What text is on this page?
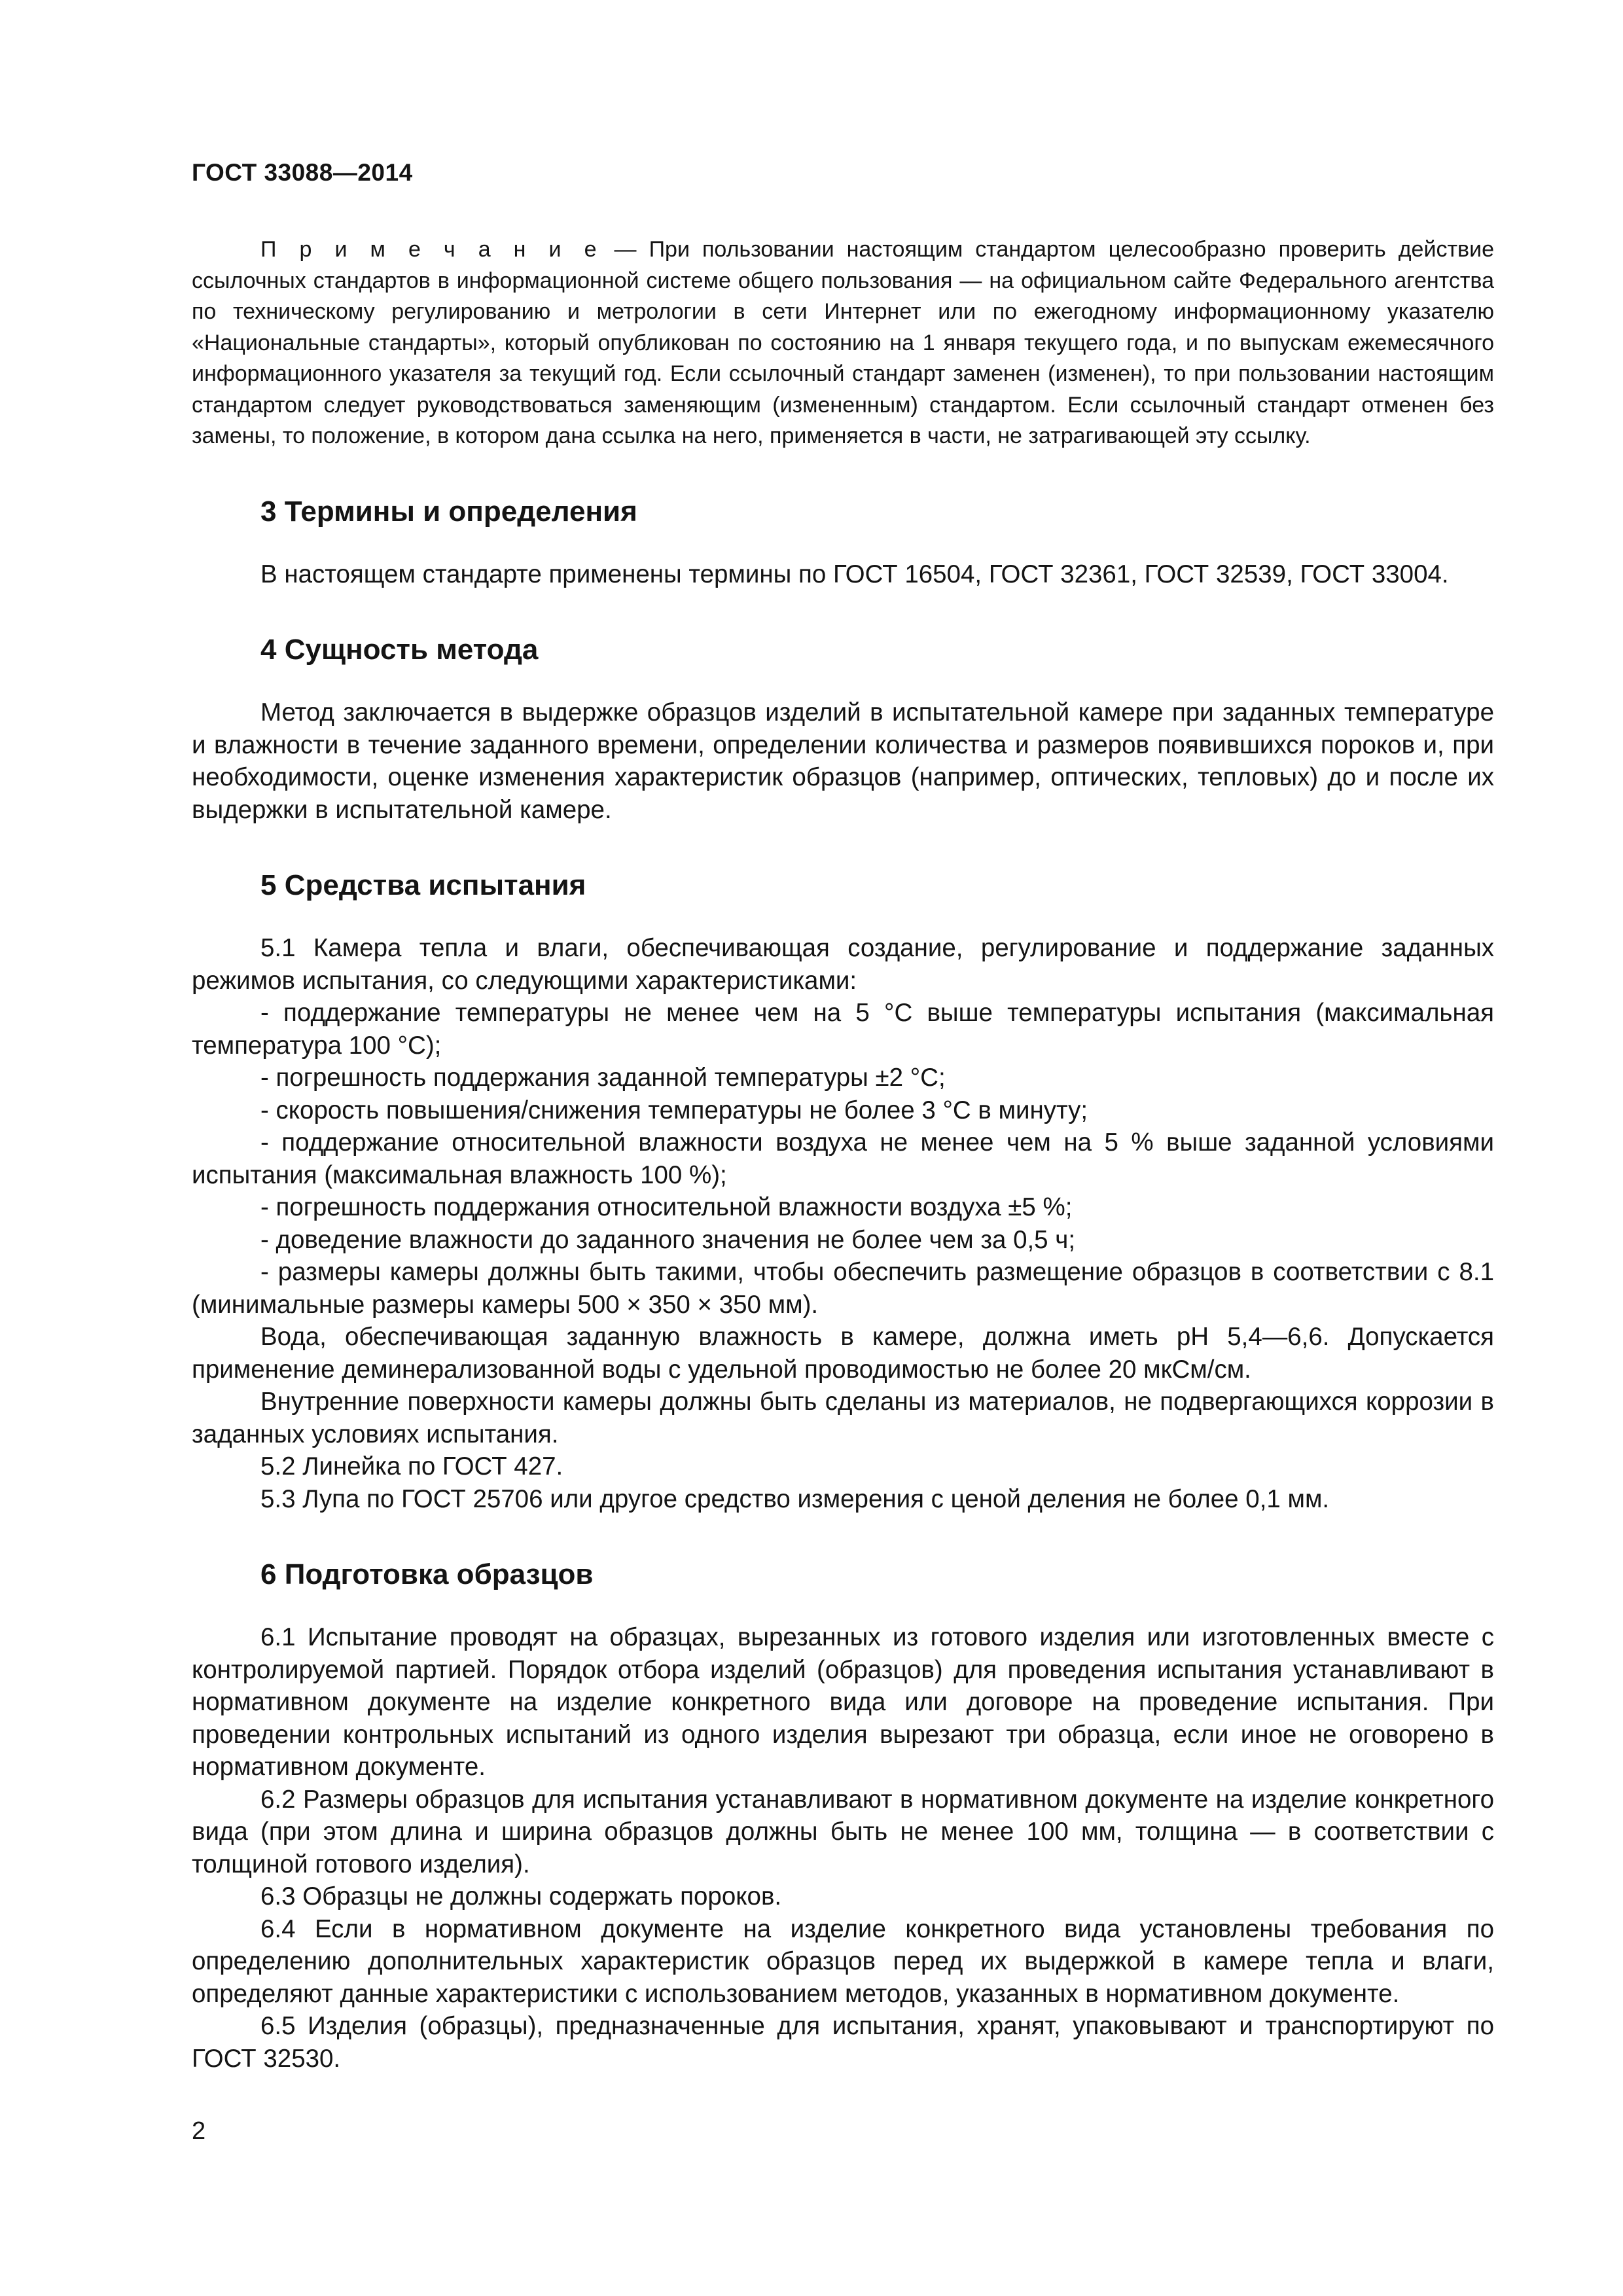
ГОСТ 33088—2014

П р и м е ч а н и е — При пользовании настоящим стандартом целесообразно проверить действие ссылочных стандартов в информационной системе общего пользования — на официальном сайте Федерального агентства по техническому регулированию и метрологии в сети Интернет или по ежегодному информационному указателю «Национальные стандарты», который опубликован по состоянию на 1 января текущего года, и по выпускам ежемесячного информационного указателя за текущий год. Если ссылочный стандарт заменен (изменен), то при пользовании настоящим стандартом следует руководствоваться заменяющим (измененным) стандартом. Если ссылочный стандарт отменен без замены, то положение, в котором дана ссылка на него, применяется в части, не затрагивающей эту ссылку.

3 Термины и определения

В настоящем стандарте применены термины по ГОСТ 16504, ГОСТ 32361, ГОСТ 32539, ГОСТ 33004.

4 Сущность метода

Метод заключается в выдержке образцов изделий в испытательной камере при заданных температуре и влажности в течение заданного времени, определении количества и размеров появившихся пороков и, при необходимости, оценке изменения характеристик образцов (например, оптических, тепловых) до и после их выдержки в испытательной камере.

5 Средства испытания

5.1 Камера тепла и влаги, обеспечивающая создание, регулирование и поддержание заданных режимов испытания, со следующими характеристиками:

- поддержание температуры не менее чем на 5 °С выше температуры испытания (максимальная температура 100 °С);

- погрешность поддержания заданной температуры ±2 °С;

- скорость повышения/снижения температуры не более 3 °С в минуту;

- поддержание относительной влажности воздуха не менее чем на 5 % выше заданной условиями испытания (максимальная влажность 100 %);

- погрешность поддержания относительной влажности воздуха ±5 %;

- доведение влажности до заданного значения не более чем за 0,5 ч;

- размеры камеры должны быть такими, чтобы обеспечить размещение образцов в соответствии с 8.1 (минимальные размеры камеры 500 × 350 × 350 мм).

Вода, обеспечивающая заданную влажность в камере, должна иметь pH 5,4—6,6. Допускается применение деминерализованной воды с удельной проводимостью не более 20 мкСм/см.

Внутренние поверхности камеры должны быть сделаны из материалов, не подвергающихся коррозии в заданных условиях испытания.

5.2 Линейка по ГОСТ 427.

5.3 Лупа по ГОСТ 25706 или другое средство измерения с ценой деления не более 0,1 мм.

6 Подготовка образцов

6.1 Испытание проводят на образцах, вырезанных из готового изделия или изготовленных вместе с контролируемой партией. Порядок отбора изделий (образцов) для проведения испытания устанавливают в нормативном документе на изделие конкретного вида или договоре на проведение испытания. При проведении контрольных испытаний из одного изделия вырезают три образца, если иное не оговорено в нормативном документе.

6.2 Размеры образцов для испытания устанавливают в нормативном документе на изделие конкретного вида (при этом длина и ширина образцов должны быть не менее 100 мм, толщина — в соответствии с толщиной готового изделия).

6.3 Образцы не должны содержать пороков.

6.4 Если в нормативном документе на изделие конкретного вида установлены требования по определению дополнительных характеристик образцов перед их выдержкой в камере тепла и влаги, определяют данные характеристики с использованием методов, указанных в нормативном документе.

6.5 Изделия (образцы), предназначенные для испытания, хранят, упаковывают и транспортируют по ГОСТ 32530.

2
